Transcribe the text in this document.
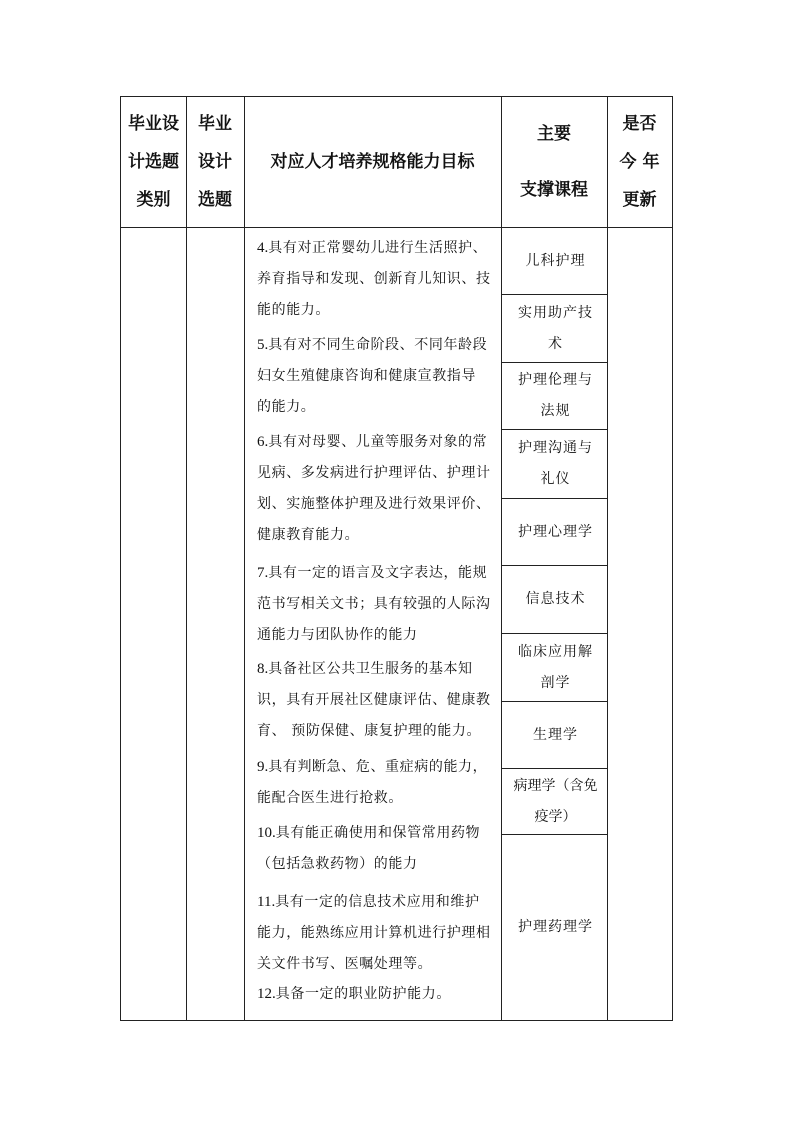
毕业设
计选题
类别
毕业
设计
选题
对应人才培养规格能力目标
主要
支撑课程
是否
今 年
更新
4.具有对正常婴幼儿进行生活照护、
养育指导和发现、创新育儿知识、技
能的能力。
5.具有对不同生命阶段、不同年龄段
妇女生殖健康咨询和健康宣教指导
的能力。
6.具有对母婴、儿童等服务对象的常
见病、多发病进行护理评估、护理计
划、实施整体护理及进行效果评价、
健康教育能力。
7.具有一定的语言及文字表达，能规
范书写相关文书；具有较强的人际沟
通能力与团队协作的能力
8.具备社区公共卫生服务的基本知
识，具有开展社区健康评估、健康教
育、 预防保健、康复护理的能力。
9.具有判断急、危、重症病的能力，
能配合医生进行抢救。
10.具有能正确使用和保管常用药物
（包括急救药物）的能力
11.具有一定的信息技术应用和维护
能力，能熟练应用计算机进行护理相
关文件书写、医嘱处理等。
12.具备一定的职业防护能力。
儿科护理
实用助产技
术
护理伦理与
法规
护理沟通与
礼仪
护理心理学
信息技术
临床应用解
剖学
生理学
病理学（含免
疫学）
护理药理学
